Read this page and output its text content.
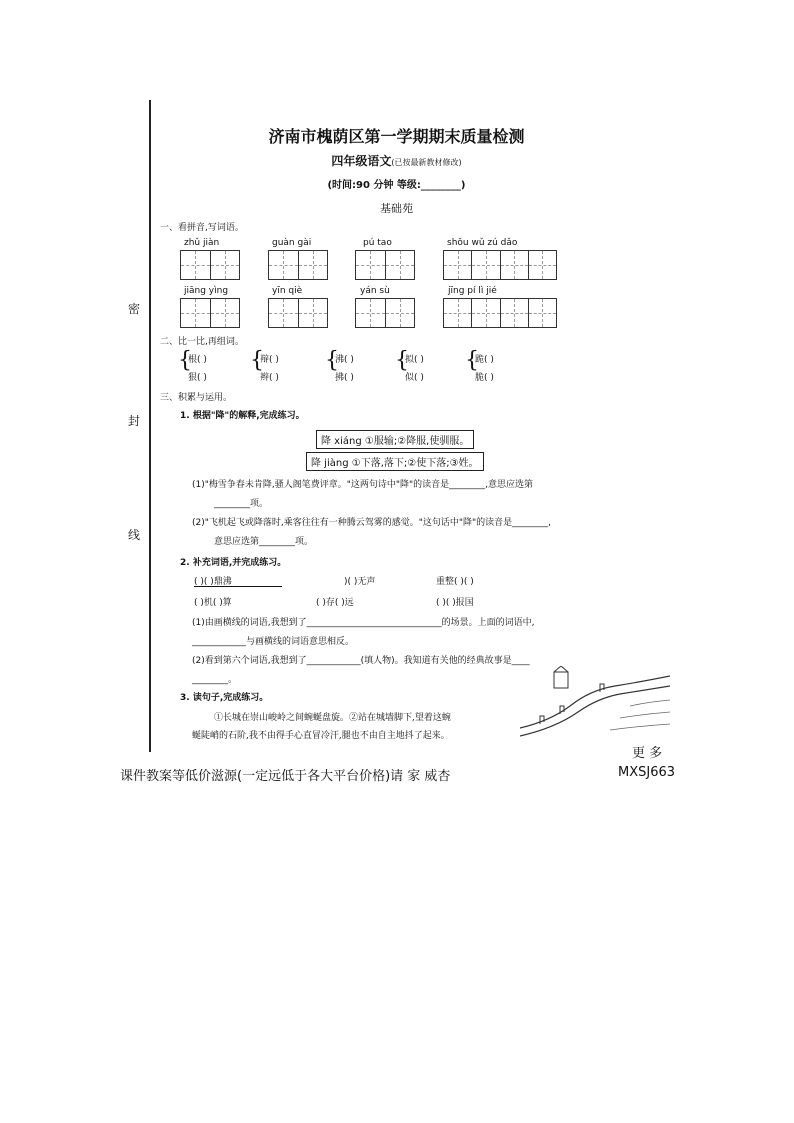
密
封
线
济南市槐荫区第一学期期末质量检测
四年级语文(已按最新教材修改)
(时间:90 分钟 等级:________)
基础苑
一、看拼音,写词语。
zhǔ jiàn	guàn gài	pú tao	shǒu wǔ zú dǎo
jiāng yìng	yīn qiè	yán sù	jīng pí lì jié
二、比一比,再组词。
{
根( )
狠( )
{
辩( )
辫( )
{
沸( )
拂( )
{
拟( )
似( )
{
跪( )
脆( )
三、积累与运用。
1. 根据"降"的解释,完成练习。
降 xiáng ①服输;②降服,使驯服。
降 jiàng ①下落,落下;②使下落;③姓。
(1)"梅雪争春未肯降,骚人阁笔费评章。"这两句诗中"降"的读音是________,意思应选第
________项。
(2)"飞机起飞或降落时,乘客往往有一种腾云驾雾的感觉。"这句话中"降"的读音是________,
意思应选第________项。
2. 补充词语,并完成练习。
( )( )鼎沸	)( )无声	重整( )( )
( )机( )算	( )存( )远	( )( )报国
(1)由画横线的词语,我想到了______________________________的场景。上面的词语中,
____________与画横线的词语意思相反。
(2)看到第六个词语,我想到了____________(填人物)。我知道有关他的经典故事是____
________。
3. 读句子,完成练习。
①长城在崇山峻岭之间蜿蜒盘旋。②站在城墙脚下,望着这蜿
蜒陡峭的石阶,我不由得手心直冒冷汗,腿也不由自主地抖了起来。
更 多
课件教案等低价滋源(一定远低于各大平台价格)请 家 威杏	MXSJ663
